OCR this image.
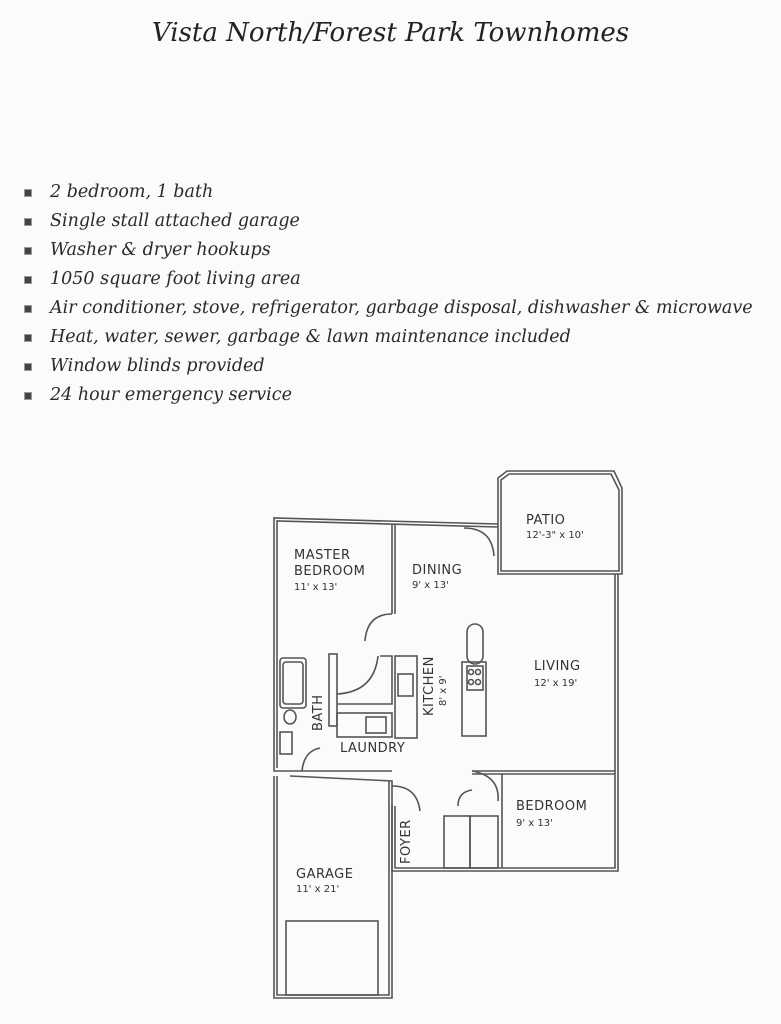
Vista North/Forest Park Townhomes
2 bedroom, 1 bath
Single stall attached garage
Washer & dryer hookups
1050 square foot living area
Air conditioner, stove, refrigerator, garbage disposal, dishwasher & microwave
Heat, water, sewer, garbage & lawn maintenance included
Window blinds provided
24 hour emergency service
PATIO
12'-3" x 10'
MASTER
BEDROOM
11' x 13'
DINING
9' x 13'
LIVING
12' x 19'
KITCHEN 8' x 9'
BATH
LAUNDRY
BEDROOM
9' x 13'
FOYER
GARAGE
11' x 21'
